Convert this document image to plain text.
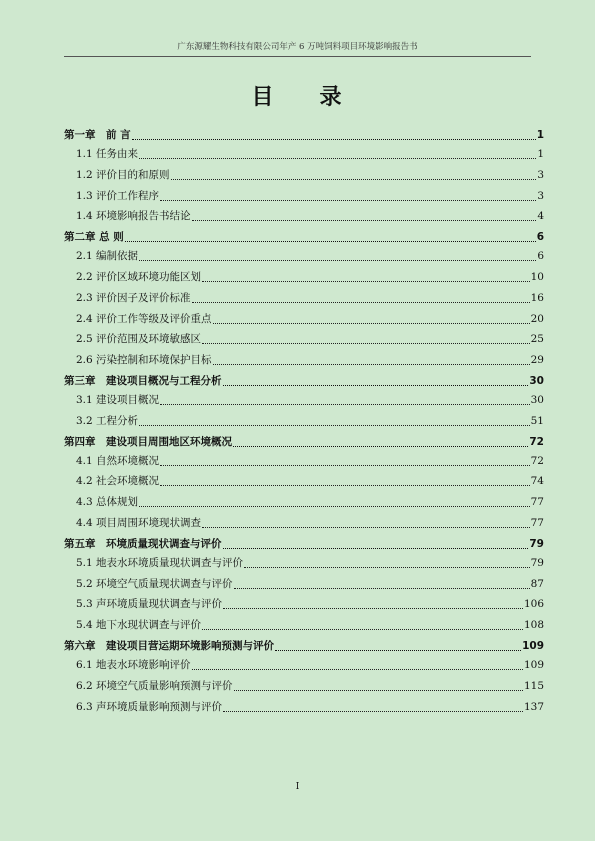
广东源耀生物科技有限公司年产 6 万吨饲料项目环境影响报告书
目 录
第一章　前 言	1
1.1 任务由来	1
1.2 评价目的和原则	3
1.3 评价工作程序	3
1.4 环境影响报告书结论	4
第二章 总 则	6
2.1 编制依据	6
2.2 评价区域环境功能区划	10
2.3 评价因子及评价标准	16
2.4 评价工作等级及评价重点	20
2.5 评价范围及环境敏感区	25
2.6 污染控制和环境保护目标	29
第三章　建设项目概况与工程分析	30
3.1 建设项目概况	30
3.2 工程分析	51
第四章　建设项目周围地区环境概况	72
4.1 自然环境概况	72
4.2 社会环境概况	74
4.3 总体规划	77
4.4 项目周围环境现状调查	77
第五章　环境质量现状调查与评价	79
5.1 地表水环境质量现状调查与评价	79
5.2 环境空气质量现状调查与评价	87
5.3 声环境质量现状调查与评价	106
5.4 地下水现状调查与评价	108
第六章　建设项目营运期环境影响预测与评价	109
6.1 地表水环境影响评价	109
6.2 环境空气质量影响预测与评价	115
6.3 声环境质量影响预测与评价	137
I
